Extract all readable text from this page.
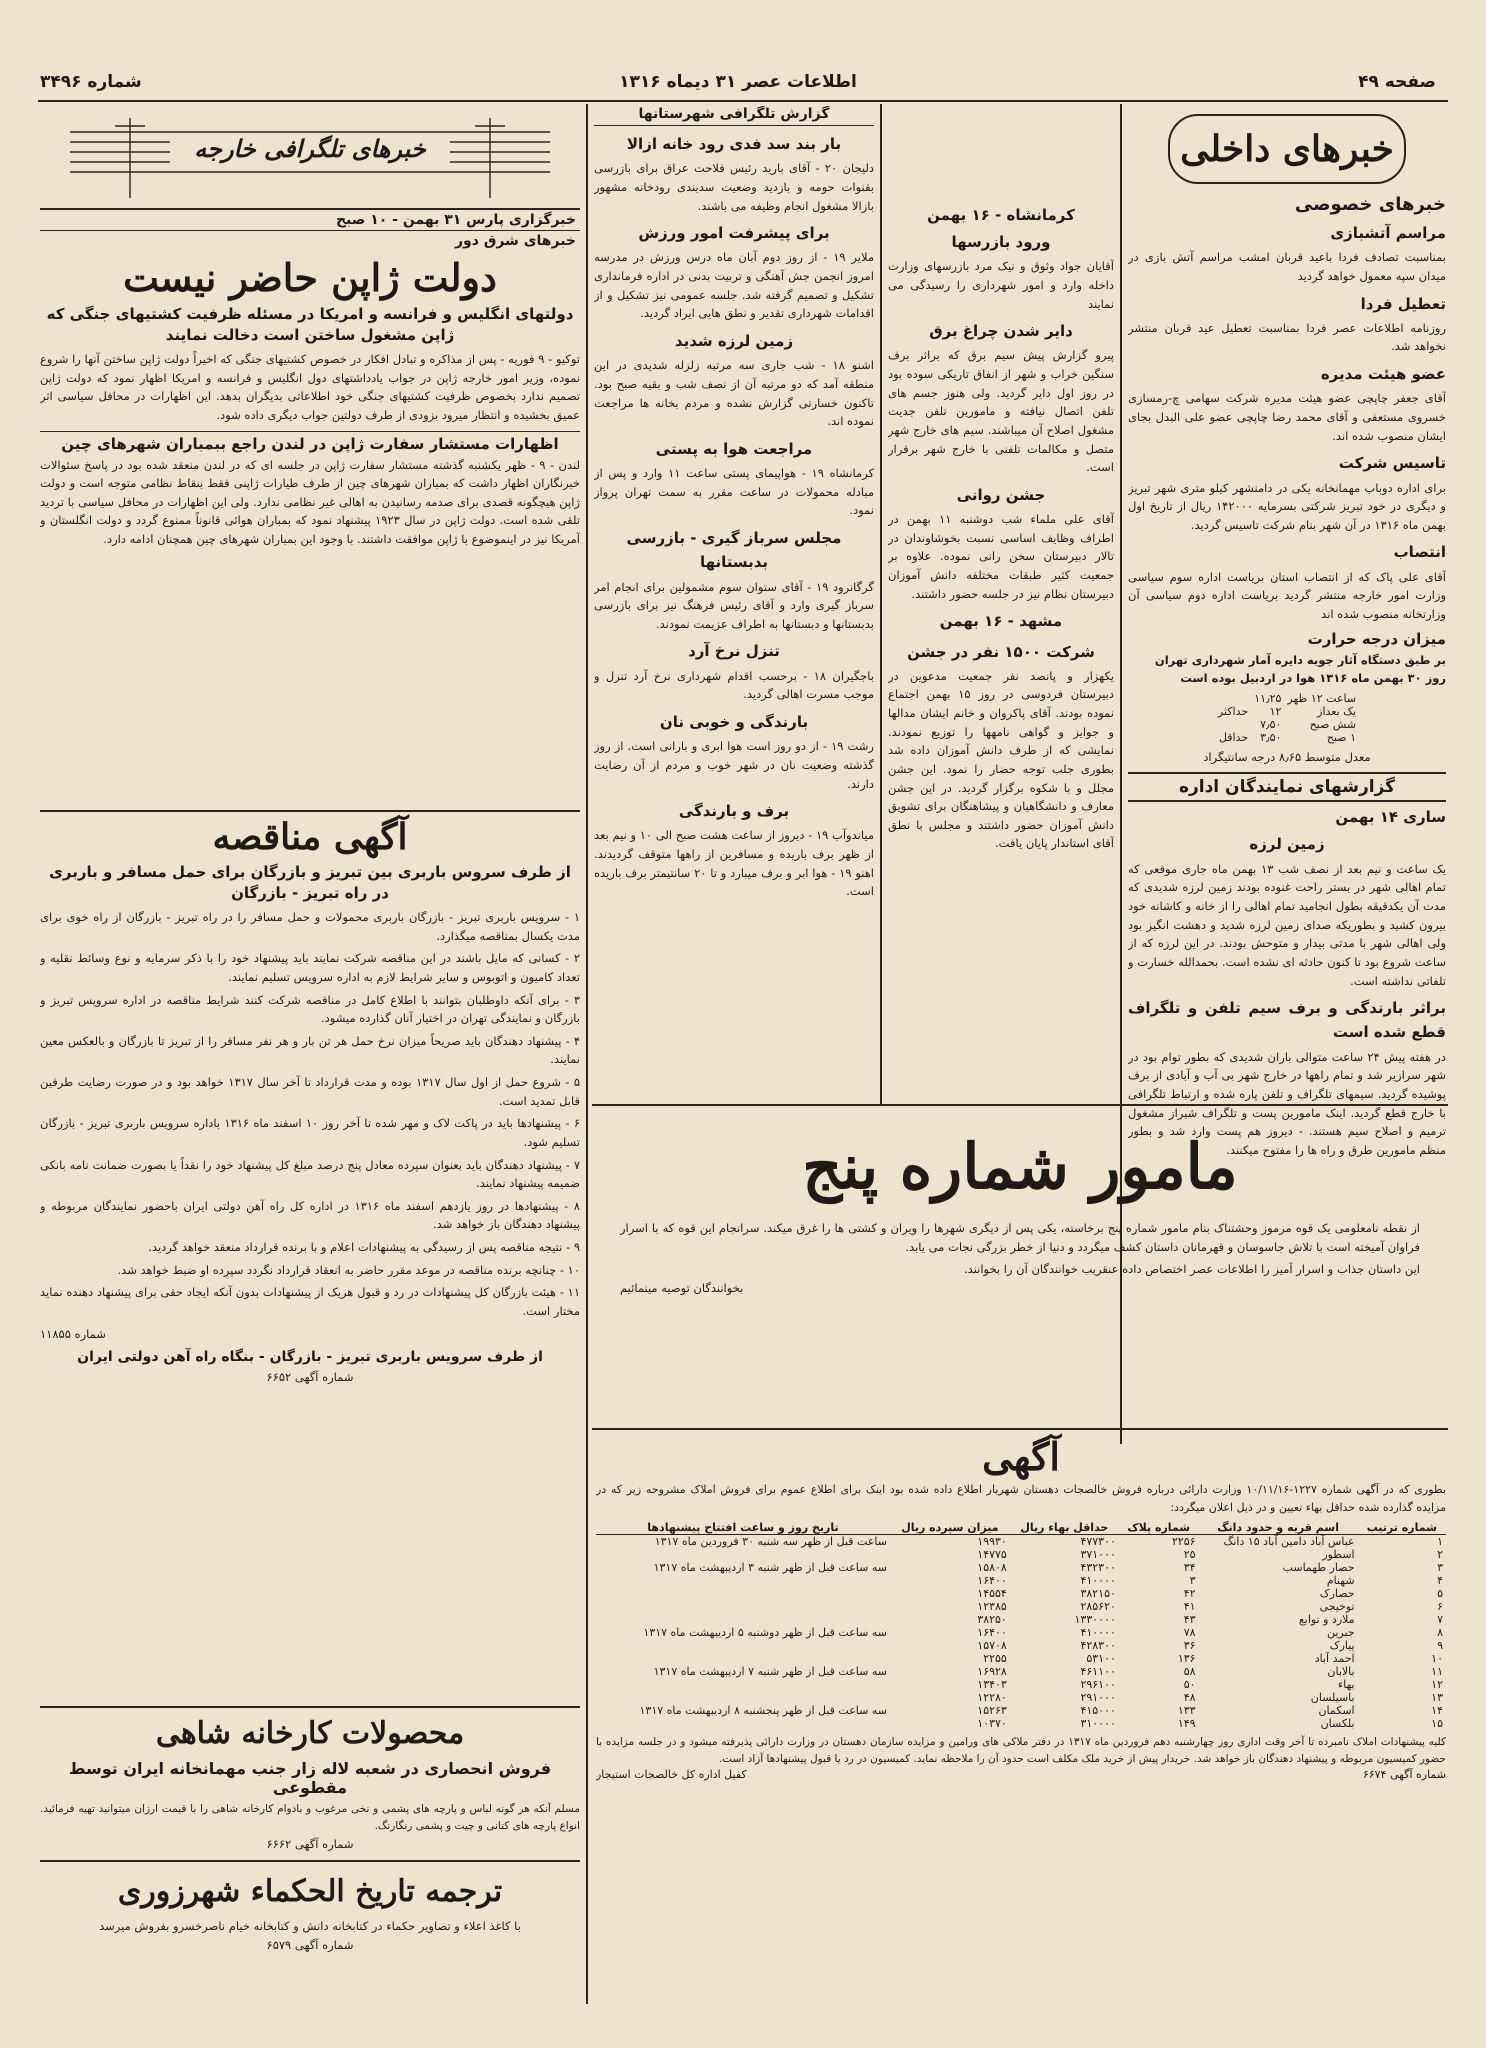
صفحه ۴۹
اطلاعات عصر ۳۱ دیماه ۱۳۱۶
شماره ۳۴۹۶
خبرهای داخلی
خبرهای خصوصی
مراسم آتشبازی

بمناسبت تصادف فردا باعید قربان امشب مراسم آتش بازی در میدان سپه معمول خواهد گردید

تعطیل فردا

روزنامه اطلاعات عصر فردا بمناسبت تعطیل عید قربان منتشر نخواهد شد.

عضو هیئت مدیره

آقای جعفر چاپچی عضو هیئت مدیره شرکت سهامی چ-رمسازی خسروی مستعفی و آقای محمد رضا چاپچی عضو علی البدل بجای ایشان منصوب شده اند.

تاسیس شرکت

برای اداره دوباب مهمانخانه یکی در دامنشهر کیلو متری شهر تبریز و دیگری در خود تبریز شرکتی بسرمایه ۱۴۲۰۰۰ ریال از تاریخ اول بهمن ماه ۱۳۱۶ در آن شهر بنام شرکت تاسیس گردید.

انتصاب

آقای علی پاک که از انتصاب استان بریاست اداره سوم سیاسی وزارت امور خارجه منتشر گردید بریاست اداره دوم سیاسی آن وزارتخانه منصوب شده اند

میزان درجه حرارت
بر طبق دستگاه آثار جویه دایره آمار شهرداری تهران
روز ۳۰ بهمن ماه ۱۳۱۶ هوا در اردبیل بوده است
ساعت ۱۲ ظهر	۱۱٫۲۵	
یک بعداز	۱۲	حداکثر
شش صبح	۷٫۵۰	
۱ صبح	۳٫۵۰	حداقل
معدل متوسط ۸٫۶۵ درجه سانتیگراد
گزارشهای نمایندگان اداره
ساری ۱۴ بهمن
زمین لرزه

یک ساعت و نیم بعد از نصف شب ۱۳ بهمن ماه جاری موقعی که تمام اهالی شهر در بستر راحت غنوده بودند زمین لرزه شدیدی که مدت آن یکدقیقه بطول انجامید تمام اهالی را از خانه و کاشانه خود بیرون کشید و بطوریکه صدای زمین لرزه شدید و دهشت انگیز بود ولی اهالی شهر با مدتی بیدار و متوحش بودند. در این لرزه که از ساعت شروع بود تا کنون حادثه ای نشده است. بحمدالله خسارت و تلفاتی نداشته است.

براثر بارندگی و برف سیم تلفن و تلگراف قطع شده است

در هفته پیش ۲۴ ساعت متوالی باران شدیدی که بطور توام بود در شهر سرازیر شد و تمام راهها در خارج شهر بی آب و آبادی از برف پوشیده گردید. سیمهای تلگراف و تلفن پاره شده و ارتباط تلگرافی با خارج قطع گردید. اینک مامورین پست و تلگراف شیراز مشغول ترمیم و اصلاح سیم هستند. - دیروز هم پست وارد شد و بطور منظم مامورین طرق و راه ها را مفتوح میکنند.

کرمانشاه - ۱۶ بهمن
ورود بازرسها

آقایان جواد وثوق و نیک مرد بازرسهای وزارت داخله وارد و امور شهرداری را رسیدگی می نمایند

دایر شدن چراغ برق

پیرو گزارش پیش سیم برق که براثر برف سنگین خراب و شهر از انفاق تاریکی سوده بود در روز اول دایر گردید. ولی هنوز جسم های تلفن اتصال نیافته و مامورین تلفن جدیت مشغول اصلاح آن میباشند. سیم های خارج شهر متصل و مکالمات تلفنی با خارج شهر برقرار است.

جشن روانی

آقای علی ملماء شب دوشنبه ۱۱ بهمن در اطراف وظایف اساسی نسبت بخوشاوندان در تالار دبیرستان سخن رانی نموده. علاوه بر جمعیت کثیر طبقات مختلفه دانش آموزان دبیرستان نظام نیز در جلسه حضور داشتند.

مشهد - ۱۶ بهمن
شرکت ۱۵۰۰ نفر در جشن

یکهزار و پانصد نفر جمعیت مدعوین در دبیرستان فردوسی در روز ۱۵ بهمن اجتماع نموده بودند. آقای پاکروان و خانم ایشان مدالها و جوایز و گواهی نامهها را توزیع نمودند. نمایشی که از طرف دانش آموزان داده شد بطوری جلب توجه حضار را نمود. این جشن مجلل و با شکوه برگزار گردید. در این جشن معارف و دانشگاهیان و پیشاهنگان برای تشویق دانش آموزان حضور داشتند و مجلس با نطق آقای استاندار پایان یافت.

گزارش تلگرافی شهرستانها
بار بند سد فدی رود خانه ازالا

دلیجان ۲۰ - آقای بارید رئیس فلاحت عراق برای بازرسی بقنوات حومه و بازدید وضعیت سدبندی رودخانه مشهور بازالا مشغول انجام وظیفه می باشند.

برای پیشرفت امور ورزش

ملایر ۱۹ - از روز دوم آبان ماه درس ورزش در مدرسه امروز انجمن جش آهنگی و تربیت بدنی در اداره فرمانداری تشکیل و تصمیم گرفته شد. جلسه عمومی نیز تشکیل و از اقدامات شهرداری تقدیر و نطق هایی ایراد گردید.

زمین لرزه شدید

اشنو ۱۸ - شب جاری سه مرتبه زلزله شدیدی در این منطقه آمد که دو مرتبه آن از نصف شب و بقیه صبح بود. تاکنون خسارتی گزارش نشده و مردم بخانه ها مراجعت نموده اند.

مراجعت هوا به پستی

کرمانشاه ۱۹ - هواپیمای پستی ساعت ۱۱ وارد و پس از مبادله محمولات در ساعت مقرر به سمت تهران پرواز نمود.

مجلس سرباز گیری - بازرسی بدبستانها

گرگانرود ۱۹ - آقای ستوان سوم مشمولین برای انجام امر سرباز گیری وارد و آقای رئیس فرهنگ نیز برای بازرسی بدبستانها و دبستانها به اطراف عزیمت نمودند.

تنزل نرخ آرد

باجگیران ۱۸ - برحسب اقدام شهرداری نرخ آرد تنزل و موجب مسرت اهالی گردید.

بارندگی و خوبی نان

رشت ۱۹ - از دو روز است هوا ابری و بارانی است. از روز گذشته وضعیت نان در شهر خوب و مردم از آن رضایت دارند.

برف و بارندگی

میاندوآب ۱۹ - دیروز از ساعت هشت صبح الی ۱۰ و نیم بعد از ظهر برف باریده و مسافرین از راهها متوقف گردیدند. اهنو ۱۹ - هوا ابر و برف میبارد و تا ۲۰ سانتیمتر برف باریده است.

مامور شماره پنج
از نقطه نامعلومی یک قوه مرموز وحشتناک بنام مامور شماره پنج برخاسته، یکی پس از دیگری شهرها را ویران و کشتی ها را غرق میکند. سرانجام این قوه که با اسرار فراوان آمیخته است با تلاش جاسوسان و قهرمانان داستان کشف میگردد و دنیا از خطر بزرگی نجات می یابد.
این داستان جذاب و اسرار آمیز را اطلاعات عصر اختصاص داده عنقریب خوانندگان آن را بخوانند.
بخوانندگان توصیه مینمائیم
آگهی
بطوری که در آگهی شماره ۱۲۲۷-۱۰/۱۱/۱۶ وزارت دارائی درباره فروش خالصجات دهستان شهریار اطلاع داده شده بود اینک برای اطلاع عموم برای فروش املاک مشروحه زیر که در مزایده گذارده شده حداقل بهاء تعیین و در ذیل اعلان میگردد:
شماره ترتیب	اسم قریه و حدود دانگ	شماره پلاک	حداقل بهاء ریال	میزان سپرده ریال	تاریخ روز و ساعت افتتاح پیشنهادها
۱	عباس آباد دامین آباد ۱۵ دانگ	۲۲۵۶	۴۷۷۳۰۰	۱۹۹۳۰	ساعت قبل از ظهر سه شنبه ۳۰ فروردین ماه ۱۳۱۷
۲	اسطور	۲۵	۳۷۱۰۰۰	۱۴۷۷۵	
۳	حصار طهماسب	۳۴	۴۳۲۳۰۰	۱۵۸۰۸	سه ساعت قبل از ظهر شنبه ۳ اردیبهشت ماه ۱۳۱۷
۴	شهنام	۳	۴۱۰۰۰۰	۱۶۴۰۰	
۵	حصارک	۴۲	۳۸۲۱۵۰	۱۴۵۵۴	
۶	توخیجی	۴۱	۲۸۵۶۲۰	۱۲۳۸۵	
۷	ملارد و توابع	۴۳	۱۳۳۰۰۰۰	۳۸۲۵۰	
۸	جبرین	۷۸	۴۱۰۰۰۰	۱۶۴۰۰	سه ساعت قبل از ظهر دوشنبه ۵ اردیبهشت ماه ۱۳۱۷
۹	پیارک	۳۶	۴۲۸۳۰۰	۱۵۷۰۸	
۱۰	احمد آباد	۱۳۶	۵۳۱۰۰	۲۲۵۵	
۱۱	بالابان	۵۸	۴۶۱۱۰۰	۱۶۹۲۸	سه ساعت قبل از ظهر شنبه ۷ اردیبهشت ماه ۱۳۱۷
۱۲	بهاء	۵۰	۲۹۶۱۰۰	۱۳۴۰۳	
۱۳	باسیلسان	۴۸	۲۹۱۰۰۰	۱۲۲۸۰	
۱۴	اسکمان	۱۳۳	۴۱۵۰۰۰	۱۵۲۶۳	سه ساعت قبل از ظهر پنجشنبه ۸ اردیبهشت ماه ۱۳۱۷
۱۵	بلکسان	۱۴۹	۳۱۰۰۰۰	۱۰۳۷۰	
کلیه پیشنهادات املاک نامبرده تا آخر وقت اداری روز چهارشنبه دهم فروردین ماه ۱۳۱۷ در دفتر ملاکی های ورامین و مزایده سازمان دهستان در وزارت دارائی پذیرفته میشود و در جلسه مزایده با حضور کمیسیون مربوطه و پیشنهاد دهندگان باز خواهد شد. خریدار پیش از خرید ملک مکلف است حدود آن را ملاحظه نماید. کمیسیون در رد یا قبول پیشنهادها آزاد است.
شماره آگهی ۶۶۷۴
کفیل اداره کل خالصجات استیجار
خبرهای تلگرافی خارجه
خبرگزاری پارس ۳۱ بهمن - ۱۰ صبح
خبرهای شرق دور
دولت ژاپن حاضر نیست
دولتهای انگلیس و فرانسه و امریکا در مسئله ظرفیت کشتیهای جنگی که ژاپن مشغول ساختن است دخالت نمایند
توکیو - ۹ فوریه - پس از مذاکره و تبادل افکار در خصوص کشتیهای جنگی که اخیراً دولت ژاپن ساختن آنها را شروع نموده، وزیر امور خارجه ژاپن در جواب یادداشتهای دول انگلیس و فرانسه و امریکا اظهار نمود که دولت ژاپن تصمیم ندارد بخصوص ظرفیت کشتیهای جنگی خود اطلاعاتی بدیگران بدهد. این اظهارات در محافل سیاسی اثر عمیق بخشیده و انتظار میرود بزودی از طرف دولتین جواب دیگری داده شود.
اظهارات مستشار سفارت ژاپن در لندن راجع ببمباران شهرهای چین
لندن - ۹ - ظهر یکشنبه گذشته مستشار سفارت ژاپن در جلسه ای که در لندن منعقد شده بود در پاسخ سئوالات خبرنگاران اظهار داشت که بمباران شهرهای چین از طرف طیارات ژاپنی فقط بنقاط نظامی متوجه است و دولت ژاپن هیچگونه قصدی برای صدمه رسانیدن به اهالی غیر نظامی ندارد. ولی این اظهارات در محافل سیاسی با تردید تلقی شده است. دولت ژاپن در سال ۱۹۲۳ پیشنهاد نمود که بمباران هوائی قانوناً ممنوع گردد و دولت انگلستان و آمریکا نیز در اینموضوع با ژاپن موافقت داشتند. با وجود این بمباران شهرهای چین همچنان ادامه دارد.
آگهی مناقصه
از طرف سروس باربری بین تبریز و بازرگان برای حمل مسافر و باربری در راه تبریز - بازرگان

۱ - سرویس باربری تبریز - بازرگان باربری محمولات و حمل مسافر را در راه تبریز - بازرگان از راه خوی برای مدت یکسال بمناقصه میگذارد.

۲ - کسانی که مایل باشند در این مناقصه شرکت نمایند باید پیشنهاد خود را با ذکر سرمایه و نوع وسائط نقلیه و تعداد کامیون و اتوبوس و سایر شرایط لازم به اداره سرویس تسلیم نمایند.

۳ - برای آنکه داوطلبان بتوانند با اطلاع کامل در مناقصه شرکت کنند شرایط مناقصه در اداره سرویس تبریز و بازرگان و نمایندگی تهران در اختیار آنان گذارده میشود.

۴ - پیشنهاد دهندگان باید صریحاً میزان نرخ حمل هر تن بار و هر نفر مسافر را از تبریز تا بازرگان و بالعکس معین نمایند.

۵ - شروع حمل از اول سال ۱۳۱۷ بوده و مدت قرارداد تا آخر سال ۱۳۱۷ خواهد بود و در صورت رضایت طرفین قابل تمدید است.

۶ - پیشنهادها باید در پاکت لاک و مهر شده تا آخر روز ۱۰ اسفند ماه ۱۳۱۶ باداره سرویس باربری تبریز - بازرگان تسلیم شود.

۷ - پیشنهاد دهندگان باید بعنوان سپرده معادل پنج درصد مبلغ کل پیشنهاد خود را نقداً یا بصورت ضمانت نامه بانکی ضمیمه پیشنهاد نمایند.

۸ - پیشنهادها در روز یازدهم اسفند ماه ۱۳۱۶ در اداره کل راه آهن دولتی ایران باحضور نمایندگان مربوطه و پیشنهاد دهندگان باز خواهد شد.

۹ - نتیجه مناقصه پس از رسیدگی به پیشنهادات اعلام و با برنده قرارداد منعقد خواهد گردید.

۱۰ - چنانچه برنده مناقصه در موعد مقرر حاضر به انعقاد قرارداد نگردد سپرده او ضبط خواهد شد.

۱۱ - هیئت بازرگان کل پیشنهادات در رد و قبول هریک از پیشنهادات بدون آنکه ایجاد حقی برای پیشنهاد دهنده نماید مختار است.

شماره ۱۱۸۵۵
از طرف سرویس باربری تبریز - بازرگان - بنگاه راه آهن دولتی ایران
شماره آگهی ۶۶۵۲
محصولات کارخانه شاهی
فروش انحصاری در شعبه لاله زار جنب مهمانخانه ایران توسط مقطوعی
مسلم آنکه هر گونه لباس و پارچه های پشمی و نخی مرغوب و بادوام کارخانه شاهی را با قیمت ارزان میتوانید تهیه فرمائید. انواع پارچه های کتانی و چیت و پشمی رنگارنگ.
شماره آگهی ۶۶۶۲
ترجمه تاریخ الحکماء شهرزوری
با کاغذ اعلاء و تصاویر حکماء در کتابخانه دانش و کتابخانه خیام ناصرخسرو بفروش میرسد
شماره آگهی ۶۵۷۹
